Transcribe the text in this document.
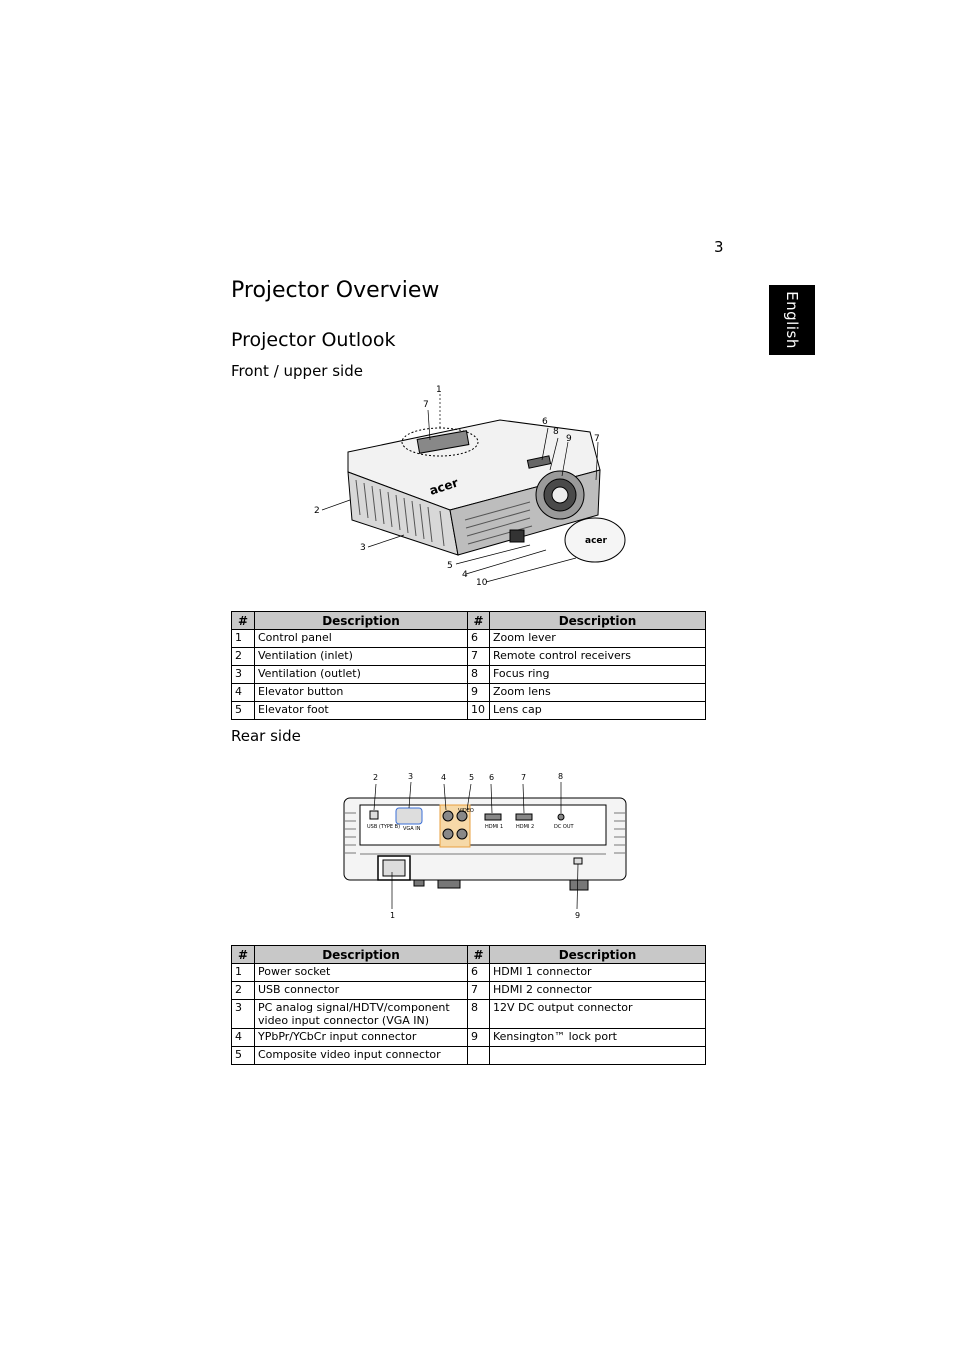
3
English
Projector Overview
Projector Outlook
Front / upper side
acer
acer
1
7
6
8
9 7
2
3
5
4
10
#	Description	#	Description
1	Control panel	6	Zoom lever
2	Ventilation (inlet)	7	Remote control receivers
3	Ventilation (outlet)	8	Focus ring
4	Elevator button	9	Zoom lens
5	Elevator foot	10	Lens cap
Rear side
USB (TYPE B) VGA IN
VIDEO
HDMI 1	HDMI 2	DC OUT
2	3	4	5 6	7	8
1	9
#	Description	#	Description
1	Power socket	6	HDMI 1 connector
2	USB connector	7	HDMI 2 connector
3	PC analog signal/HDTV/component video input connector (VGA IN)	8	12V DC output connector
4	YPbPr/YCbCr input connector	9	Kensington™ lock port
5	Composite video input connector		
